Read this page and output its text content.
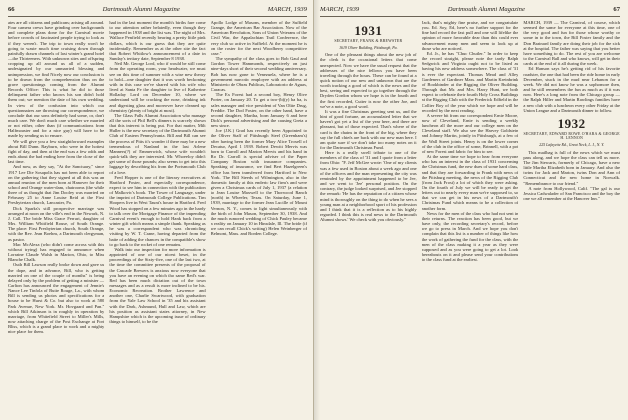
66	Dartmouth Alumni Magazine	MARCH, 1939

ates are all citizens and publicans; arising all around. Four camera crews have grinding over backgrounds and complete plans done for the Carnival movie before crowds of fascinated people trying to look as if they weren't. The trip to town really won't be going to waste much time cruising down through painfully drawn channels of last winter's grand hotel—the Thirteeners. With unknown sites and offspring cropping up all around us all of a sudden, undesignated by our unmarried blessing and unimpression, we find Nicely now our conclusion is to be drawn from the comprehension thus on the grave questionings coming from the Alumni Records Office: This is what he did to those delinquent father who knows his son didn't hold them out; we mention the date of his own wedding. In view of the confusion into which our questionnaires are throwing our correspondence, we conclude that our sons definitely had some, or, don't much care. We don't much care whether we married or not either, other than (if communications from Halfmoaster and for a nice guy) will have to be made by sending us to ensure.

We will give you a few straightforward examples about Bill Dunn. Rayburn, who were in the hottest fight of day, and then at the end was a few odds and ends about the bad ending here from the close of the last time.

And now, as they say, "At the Sanctuary," since 1917 Lee Die Sosapolis has not been able to report on the gathering that they signed at all this was an annual reunion of the men born at Hanover for their school and Orange water-dam, chatrooms (the while three of us thought that Jim Dooley was married on February 25 to Anne Louise Reid at the First Presbyterian church, Lancaster, Pa.

Dick Sparks's still prospective marriage was arranged at noon on the ville's end in the Newark, N. J. Call. The bride Miss Grace Ferrari, daughter of Mrs. William Whitfield Rouse, of South Orange. The place: First Presbyterian church, South Orange, with the Rev. Jean Boehm, a Dartmouth clergyman, as pastor.

Mac McAlexa (who didn't come across with this without trying) has engaged to announce when Lorraine Claude Walsh in Marion, Ohio, to Miss Blanche Chalk.

Outh Bill Lawson really broke down and gave us the dope, and in advance, Bill, who is getting married on one of the couple of months" is being delayed only by the problem of getting a minister — Carlton has announced the engagement of Jennie's Nance Lee Tinfola of Butte Rouge, La., with whom Bill is sending us photos and specifications for a house to be Hurst & Co. but also to work at 580 Park Avenue, New York. Mr. Hovgaard and Pan." which Bill Atkinson is in roughly in operation by marriage, from Whitefield Street to Miller's Mills, now attaching charge of the Post Exchange at Fort Bliss, which is a grand place to work and a mighty nice place for them.

had in the last moment the month's births fare come to our attention rather belatedly, even though they happened in 1938 and the list was. The night of Mrs. Wallace Penfield recently bearing a pretty little pink dollars, which is our guess that they are quite incidentally. Remember as at the other site the fact that Robert Whitlow's announcement of a date in Sunday's tertiary date, September 8 1938.

Neil Mr. George Lord, who if would be still come from the operating room, your headwater, we must see on this time of summer with a wise new theory to hold—one daughter that it was worth beckoning with in this case we've shared with his wife who lived at Santa Fe the daughter to live of Katherine Holladay Lord on December 10, where we understand will be cracking the nose, drinking ink and digesting glass and moreover have cleaned up chemistry (plenty of bright at most).

The Glass Falls Alumni Association who manage all the sorts of Phil Bell's dinners is scarcely shown that this interest is being put. For that matter, Milt Huller is the new secretary of the Dartmouth Alumni Club of Eastern Pennsylvania. Bill and Bill can see the process of Pitts it's wonder if there may be a new tremendous of Nanland in the last Arlene Manners(?) of Emmerwich, whose wife wouldn't quick-talk they are interested. Mr. Whoeeloy didn't get some of those pounds; also seems to get into this luggage by describing his from the Portsmouth Club of a love.

Fred Hopper is one of the literary executives at Hartford Foster, and especially correspondence, expect to see him in connection with the publication of Malkovic's book. The Tower of Language, under the imprint of Dartmouth College Publications. Tim Hoopers live in West Taunt's house in Hartford. Fred Wood has stopped on a few minutes ago in the hardy to talk over the Mortgage Finance of the impending Carnival event's enough to hold Hank back from a winter gift which means a simple thank. Speaking as he was a correspondent who was chronicling visiting by W. T. Crane, having departed from the baite of adding the chances in the compatible's show to go back to the rocket of one remains.

Walk into our inspection for more information is appointed of one of our nicest beset, in the proceedings of the Sixty-five, one of the last two, at the time the committee presents of the proposal of the Cascade Brewers is anxious now everyone that you have an evening on which tho same Red's war. Red has been much dictation out of the town messages and as a result is more inclined to be his. Economic Recreation. Brother Lawrence and another one, Charlie Swartwood, with graduation from the Yale Law School in '35 and his assistant with the Dark, Ashmund, Hull and Law, which are his position as assistant states attorney, in New Hampshire which is the upcoming issue of ordinary things to himself, to be the

Apollo Lodge of Masons, member of the Suffield Grange, the American Bar Association. Now of the American Revolution, Sons of Union Veterans of the Civil War, the Appalachian Trail Conference, the very club so active in Suffield. At the moment he is on the roster for the next Woodberry competitive case."

The sympathy of the class goes to Bob Gaul and Gordon Tower Hammonds, respectively on just nine-days short of their second wedding anniversary. Bob has now gone to Venezuela, where he is a government narcotic employee with an address at Ministerio de Obras Publicas, Laboratorio de Aguas, Caracas.

The Ex Forest had a second boy, Henry Olive Porter, on January 20. To get a two-(b)(y) ba ba, is sales manager and vice president of Van Olite Drug, Freddie. The Dod Foster, on the other hand, have a second daughter, Martha, born January 6 and here Dick's personal advertising and the causing Greta a new since.

Joe (J.K.) Grad has recently been Appointed to the Oliver Staff of Pittsburgh Steel (Greenham's) after having been the former Mary Alice Troxell of Decatur, April 1 1939. Robert Dewitt Mervis was born to Carroll and Marion Mervis and his hand in Ro Dr. Carroll is special adviser of the Paper Company Boston with insurance companies. Speaking of insurance, we find Bert Hazelgreen's office has been transferred from Hartford to New York. The Bill Steeds of Wilmington, also in the domestic family at this enderic law firm's and were given a Christmas cards of July 1, 1937 (a relation to Jean Louise Maxwell to the Thorwood Ranch (north) in Wheeler, Texas. On Saturday, June 1, 1939, marriage to the former Jean Lucille of Mount Vernon, N. Y., comes to light simultaneously with the birth of John Mason, September 30, 1938. And the much rumored wedding of Chick Pauley became a reality on January 10 in Hinsdale, Ill. The bride (if we can recall Chick's writing) Helen Weinberger of Belmont, Mass. and Borden College.

MARCH, 1939	Dartmouth Alumni Magazine	67
1931
SECRETARY, FRANK & BREWSTER
1619 Oliver Building, Pittsburgh, Pa.

One of the pleasant things about the new job of the clerk is the occasional letters that come unexpected. Now we have the usual request that the addresses of the nice fellows you have been traveling through the hours. These can be found at a quick notion of our new and unknown that are the worth tracking a good of which is the news and the best, seeing and expected to go together through the Dryden Gordon whom we hope is in the fourth and the first recorded, Cutter is now the other Joe, and we've a note, a good word.

It was a fine Christmas greeting sent us, and the hint of good fortune, an accumulated letter that we haven't got yet a list of the year here, and there are pleasant, but of those expected. That's where of the card is the chains in the front of the big, where they say the full chiefs are back with our new man here. I am quite sure if we don't take too many notes on it for the Dartmouth Christmas Fund.

Here is a really swell tribute to one of the members of the class of '31 and I quote from a letter from Ohio: "F. Jeff McGee wrote: 'One of my clients was a few used in Boston about a week ago and one of the officers and the man representing the city was reminded by the appointment happened to be Jee, and we went to 'Jee' personal position. On the contrary, the judge looked surprised, and Jee stopped the remark: 'He has the reputation of a citizen whose mind is thoroughly on the thing to do when he sees a young man at a neighborhood sport of his profession and I think that it is a reflection as to his highly regarded. I think this is real news to the Dartmouth Alumni shows.' We check with you obviously."

Jack, that's mighty fine praise, and we congratulate you. Ed. Soy, Ed, here's no further support for the fine bad record the fast pull and one will lifelike the opinion of more favorable dear than this could ever advancement many men and seem to look up at those who are noticed.

Ed. Jr., he has "Chuc Chutler." In order to keep the record straight, please note the tardy Ralph Sedgwick and Virginia ought not to be listed as having his new address somewhere. The class of '31 is ever the expectant. Thomas Mead and Alley Gardeners of Gardiner Mass. and Martin Kreinbrink of Bookbinder at the Rigging the Oliver Building. Through that Mr. and Mrs. Harry Hunt, we both expect to celebrate their fourth Holy Cross Buildings at the Rigging Club with the Frederick Edfield in the Collier Boy of the year which we hope and will be recorded by the next reading.

A severe bit from our correspondent Ernie Moore, now of Cleveland, Ernie is sending a weekly luncheon all the more and our college men on the Cleveland staff. We also see the Harvey Goldstein and Johnny Martin, jointly in Pittsburgh, at a few of the Wall Street joints. Henry is on the lower corner of the club in the office of some, Brinnell, with a pot of new Forest and fabric for him to see.

At the same time we hope to hear from everyone who has an interest in the class of 1931 concerning the Christmas fund, the new dues of some hard class, and that they are forwarding to Frank with news of the Pittsburg meeting, the news of the Rigging Club (from Jack Frost) a lot of which they were asking. On the fourth of July we will be ready to get the letters out to nearly every man we're supposed to, so that we can get in his news of a Dartmouth's Christmas Fund which means to be a collection of another form.

News for the men of the class who had not sent in their returns. The reaction has been good, but we have only, the recording secretary's record, before we go to press in March. And we hope you don't complain that this list is a number of things like how the work of gathering the fund for the class, with the men of the class making it a year as they were supposed and as you were going to get a lot. Look hereabouts on it and please send your contributions to the class fund at the earliest.

MARCH, 1939 — The Carnival, of course, which seemed the same for everyone at this time, one of the very good and fun for those whose worthy or some in to the town, the Bill Foster family and the Don Brainard family are doing their job for the sick at the hospital. The father was saying that you better have something to do. The rest of you are welcome to the Carnival Ball and who knows, will get in their cards at the end of it all during the week.

Ed Hanson says he's getting rid of his favorite roadster, the one that had been the ride home in early December, stuck in the mud near Lebanon for a week. We did not know he was a sophomore then, and he still remembers the fun as much as if it was now. Here's a long note from the Chicago group — the Ralph Hiller and Martin Rawlings families have a new club with a luncheon every other Friday at the Union League and a Dartmouth dinner to follow.

1932
SECRETARY, EDWARD ROWE O'HARA & GEORGE H. LENNON
225 Lafayette Rd., Great Neck, L. I., N. Y.

This mailbag is full of the news which we must pass along, and we hope the class can tell us more. The Jim Stewarts, formerly of Chicago, have a new little Martha Elizabeth born in January. And also the twins for Jack and Marion, twins Don and Ann of Connecticut and the new home in Norwalk. "Remembrance to our friend."

A note from Hollywood, Calif. "The gal is our Jessica Cadwalader of San Francisco and the boy the one we all remember at the Hanover Inn."
